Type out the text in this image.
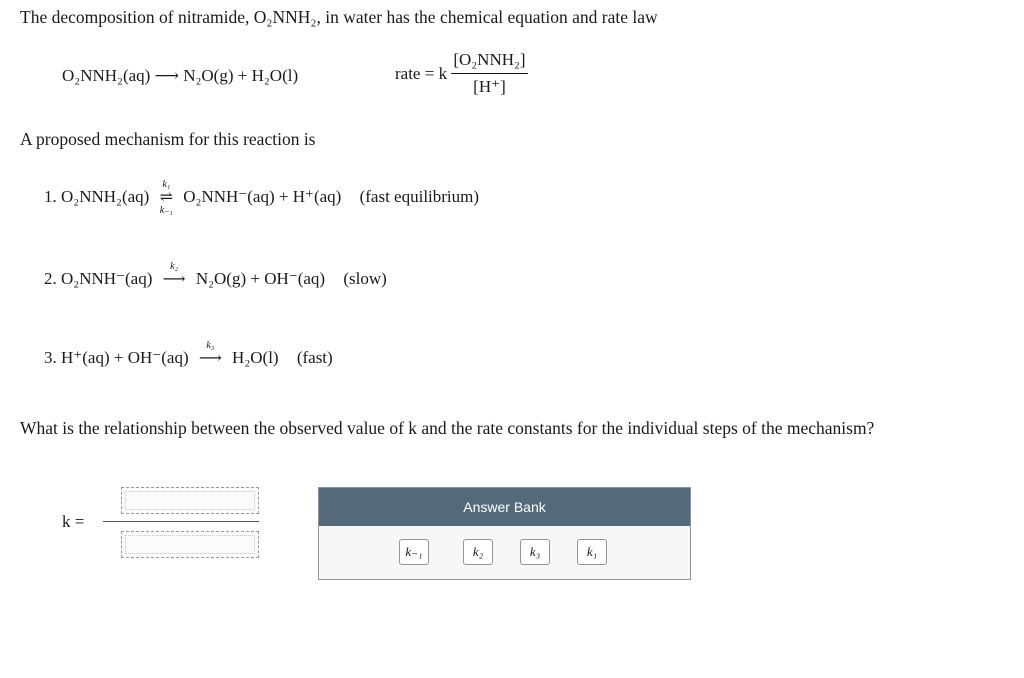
The decomposition of nitramide, O₂NNH₂, in water has the chemical equation and rate law
O₂NNH₂(aq) ⟶ N₂O(g) + H₂O(l)	rate = k $\frac{\text{[O₂NNH₂]}}{[H^+]}$
A proposed mechanism for this reaction is
1. O₂NNH₂(aq)
k₁
⇌
k₋₁
O₂NNH⁻(aq) + H⁺(aq) (fast equilibrium)
2. O₂NNH⁻(aq)
k₂
⟶ N₂O(g) + OH⁻(aq) (slow)
3. H⁺(aq) + OH⁻(aq)
k₃
⟶ H₂O(l) (fast)
What is the relationship between the observed value of k and the rate constants for the individual steps of the mechanism?
k =
Answer Bank
k₋₁	k₂	k₃	k₁
